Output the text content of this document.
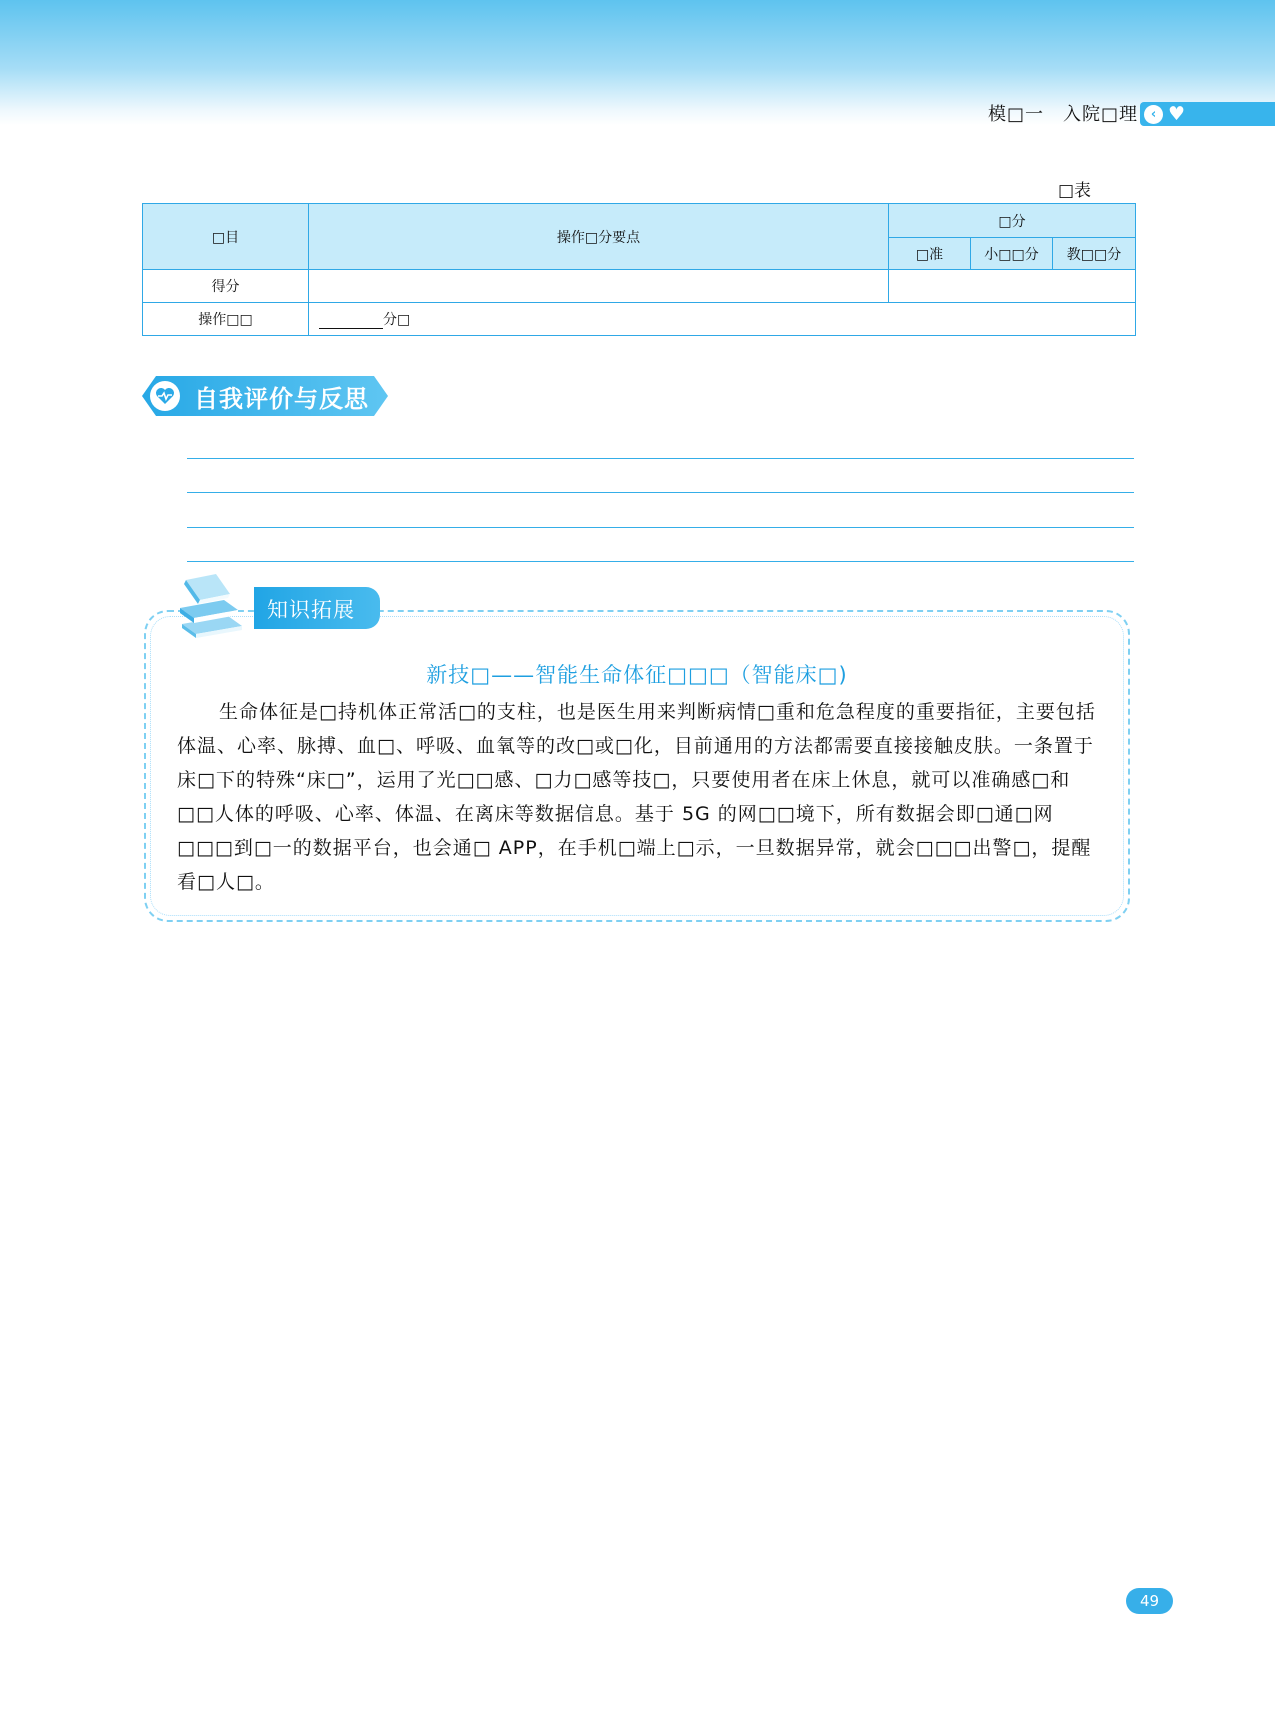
模□一　入院□理 ‹ ♥
□表
□目	操作□分要点	□分		
		□准	小□□分	教□□分
得分				
操作□□	分□			
自我评价与反思
知识拓展
新技□——智能生命体征□□□（智能床□)

生命体征是□持机体正常活□的支柱，也是医生用来判断病情□重和危急程度的重要指征，主要包括体温、心率、脉搏、血□、呼吸、血氧等的改□或□化，目前通用的方法都需要直接接触皮肤。一条置于床□下的特殊“床□”，运用了光□□感、□力□感等技□，只要使用者在床上休息，就可以准确感□和□□人体的呼吸、心率、体温、在离床等数据信息。基于 5G 的网□□境下，所有数据会即□通□网□□□到□一的数据平台，也会通□ APP，在手机□端上□示，一旦数据异常，就会□□□出警□，提醒看□人□。

49
